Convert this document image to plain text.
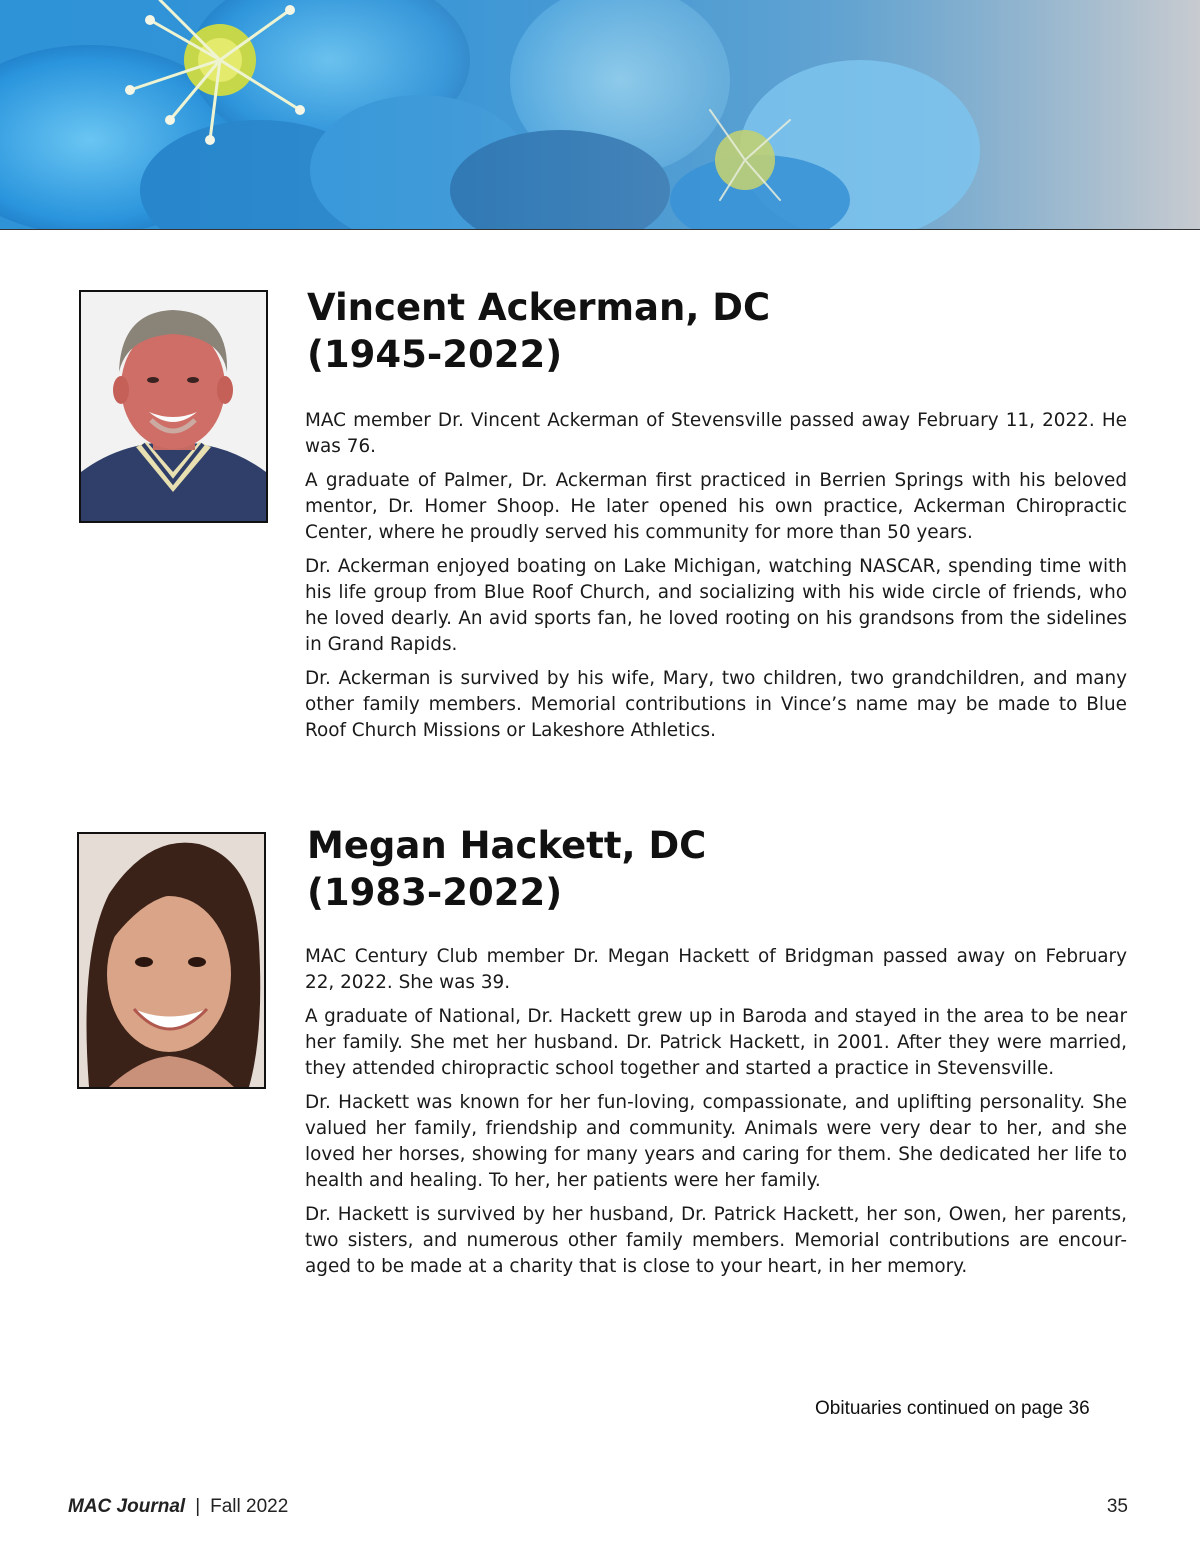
Vincent Ackerman, DC
(1945-2022)

MAC member Dr. Vincent Ackerman of Stevensville passed away February 11, 2022. He was 76.

A graduate of Palmer, Dr. Ackerman first practiced in Berrien Springs with his beloved mentor, Dr. Homer Shoop. He later opened his own practice, Ackerman Chiropractic Center, where he proudly served his community for more than 50 years.

Dr. Ackerman enjoyed boating on Lake Michigan, watching NASCAR, spending time with his life group from Blue Roof Church, and socializing with his wide circle of friends, who he loved dearly. An avid sports fan, he loved rooting on his grandsons from the sidelines in Grand Rapids.

Dr. Ackerman is survived by his wife, Mary, two children, two grandchildren, and many other family members. Memorial contributions in Vince’s name may be made to Blue Roof Church Missions or Lakeshore Athletics.

Megan Hackett, DC
(1983-2022)

MAC Century Club member Dr. Megan Hackett of Bridgman passed away on February 22, 2022. She was 39.

A graduate of National, Dr. Hackett grew up in Baroda and stayed in the area to be near her family. She met her husband. Dr. Patrick Hackett, in 2001. After they were married, they attended chiropractic school together and started a practice in Stevensville.

Dr. Hackett was known for her fun-loving, compassionate, and uplifting personality. She valued her family, friendship and community. Animals were very dear to her, and she loved her horses, showing for many years and caring for them. She dedicated her life to health and healing. To her, her patients were her family.

Dr. Hackett is survived by her husband, Dr. Patrick Hackett, her son, Owen, her parents, two sisters, and numerous other family members. Memorial contributions are encour-aged to be made at a charity that is close to your heart, in her memory.

Obituaries continued on page 36
MAC Journal | Fall 2022	35
